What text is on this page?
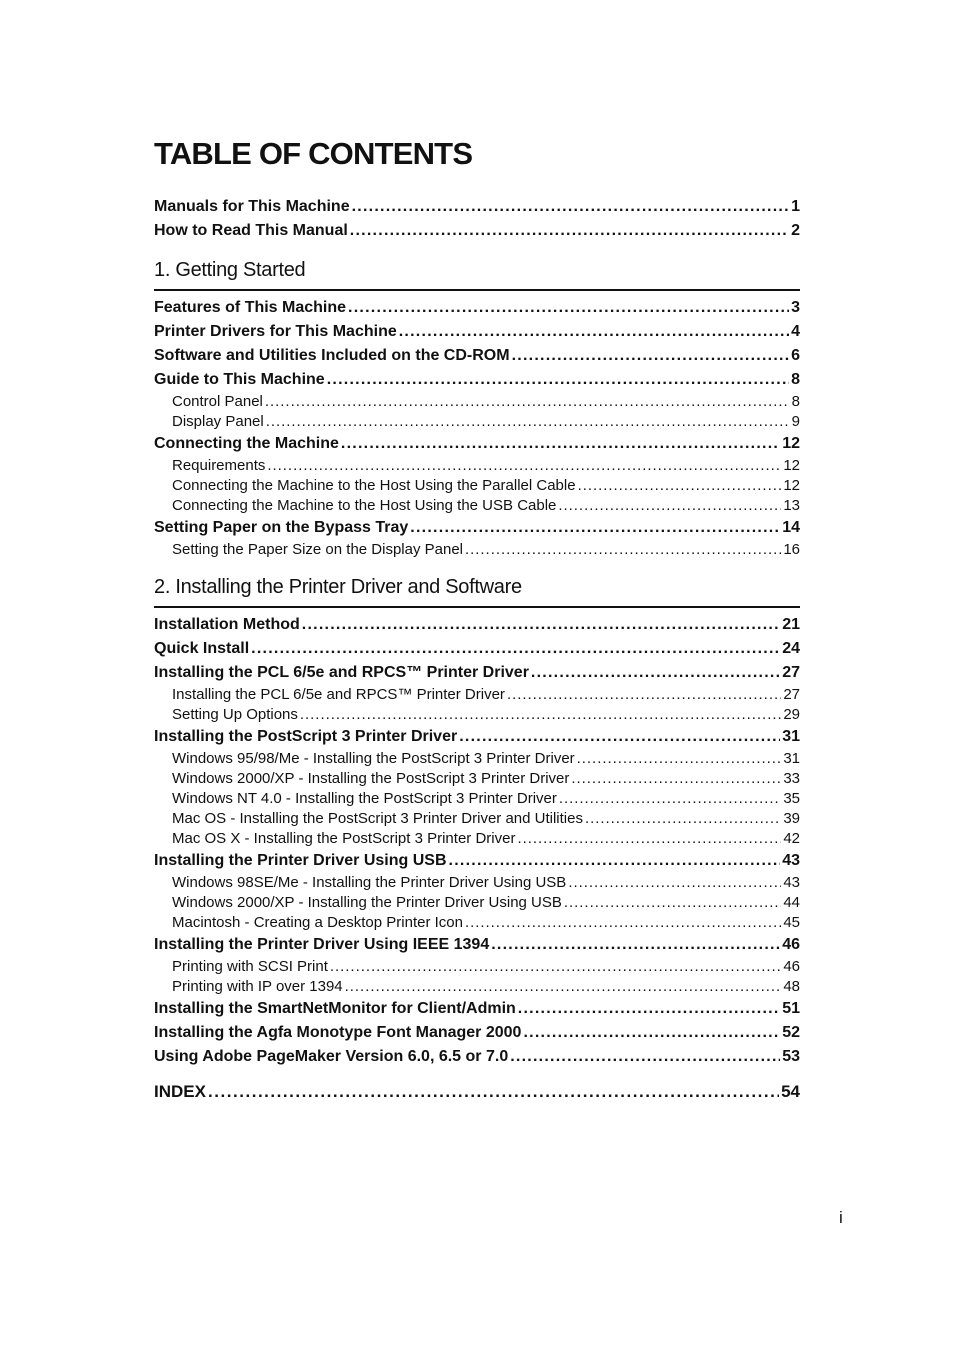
TABLE OF CONTENTS
Manuals for This Machine . . .	1
How to Read This Manual . . .	2
1. Getting Started
Features of This Machine . . .	3
Printer Drivers for This Machine . . .	4
Software and Utilities Included on the CD-ROM . . .	6
Guide to This Machine . . .	8
Control Panel . . .	8
Display Panel . . .	9
Connecting the Machine . . .	12
Requirements . . .	12
Connecting the Machine to the Host Using the Parallel Cable . . .	12
Connecting the Machine to the Host Using the USB Cable . . .	13
Setting Paper on the Bypass Tray . . .	14
Setting the Paper Size on the Display Panel . . .	16
2. Installing the Printer Driver and Software
Installation Method . . .	21
Quick Install . . .	24
Installing the PCL 6/5e and RPCS™ Printer Driver . . .	27
Installing the PCL 6/5e and RPCS™ Printer Driver . . .	27
Setting Up Options . . .	29
Installing the PostScript 3 Printer Driver . . .	31
Windows 95/98/Me - Installing the PostScript 3 Printer Driver . . .	31
Windows 2000/XP - Installing the PostScript 3 Printer Driver . . .	33
Windows NT 4.0 - Installing the PostScript 3 Printer Driver . . .	35
Mac OS - Installing the PostScript 3 Printer Driver and Utilities . . .	39
Mac OS X - Installing the PostScript 3 Printer Driver . . .	42
Installing the Printer Driver Using USB . . .	43
Windows 98SE/Me - Installing the Printer Driver Using USB . . .	43
Windows 2000/XP - Installing the Printer Driver Using USB . . .	44
Macintosh - Creating a Desktop Printer Icon . . .	45
Installing the Printer Driver Using IEEE 1394 . . .	46
Printing with SCSI Print . . .	46
Printing with IP over 1394 . . .	48
Installing the SmartNetMonitor for Client/Admin . . .	51
Installing the Agfa Monotype Font Manager 2000 . . .	52
Using Adobe PageMaker Version 6.0, 6.5 or 7.0 . . .	53
INDEX . . .	54
i
